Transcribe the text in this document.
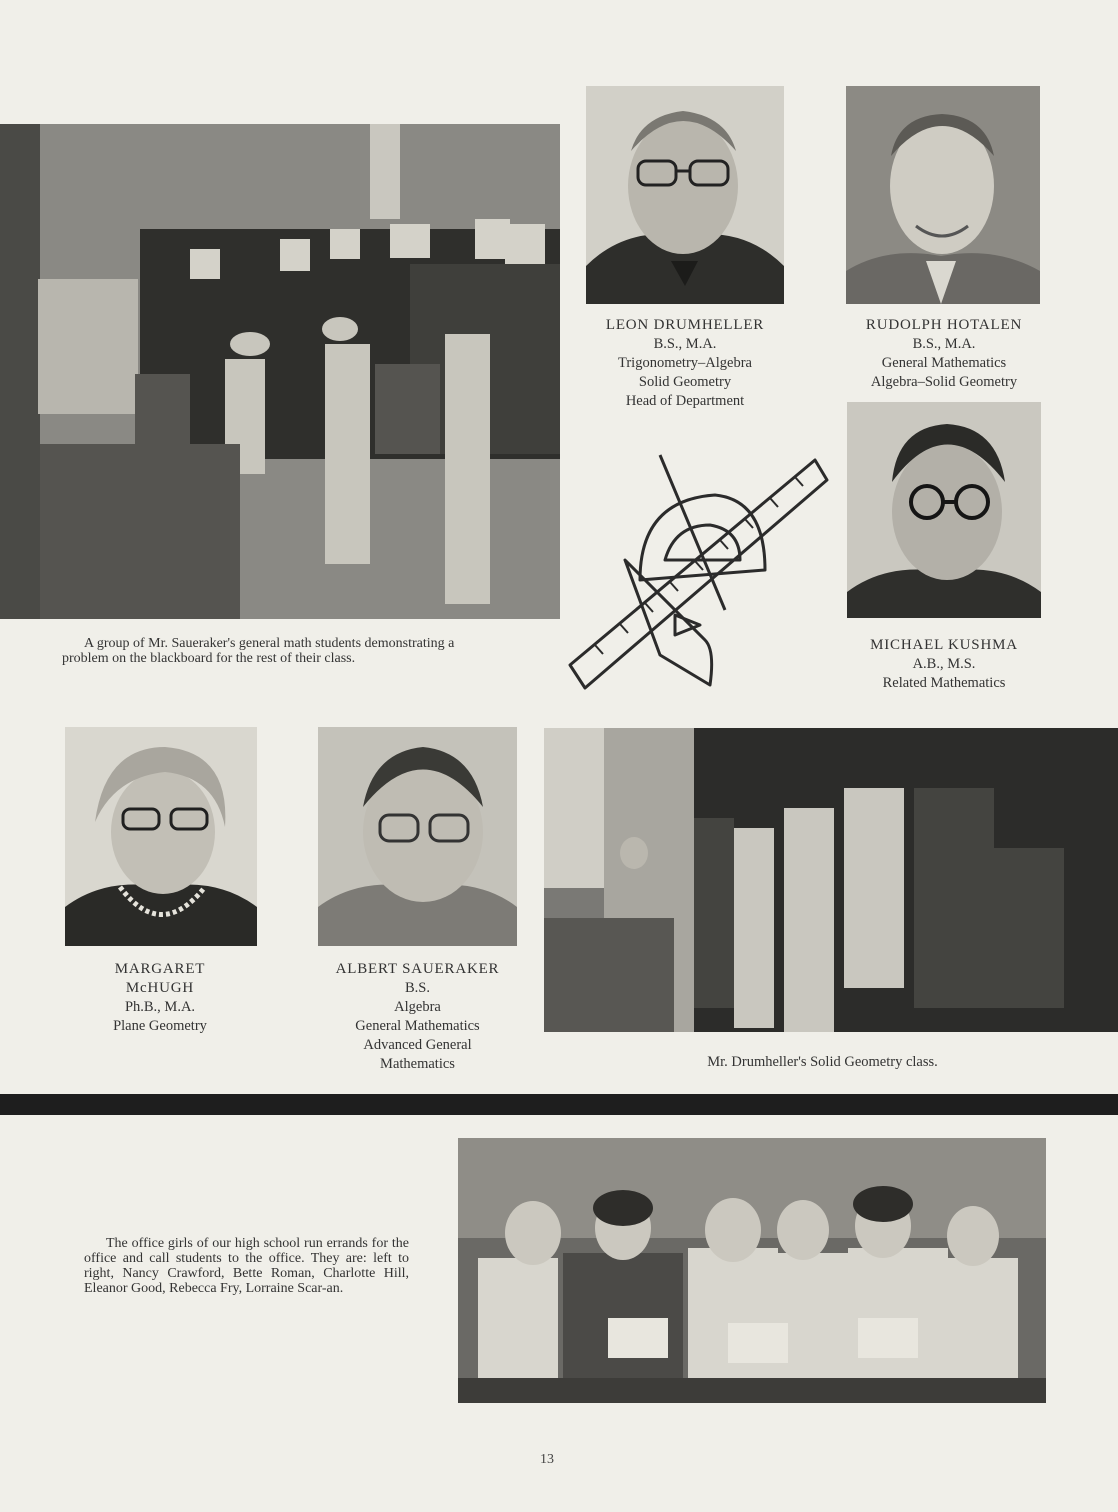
A group of Mr. Saueraker's general math students demonstrating a problem on the blackboard for the rest of their class.

LEON DRUMHELLER
B.S., M.A.
Trigonometry–Algebra
Solid Geometry
Head of Department
RUDOLPH HOTALEN
B.S., M.A.
General Mathematics
Algebra–Solid Geometry
MICHAEL KUSHMA
A.B., M.S.
Related Mathematics
MARGARET
McHUGH
Ph.B., M.A.
Plane Geometry
ALBERT SAUERAKER
B.S.
Algebra
General Mathematics
Advanced General
Mathematics	Mr. Drumheller's Solid Geometry class.

The office girls of our high school run errands for the office and call students to the office. They are: left to right, Nancy Crawford, Bette Roman, Charlotte Hill, Eleanor Good, Rebecca Fry, Lorraine Scar-an.

13
